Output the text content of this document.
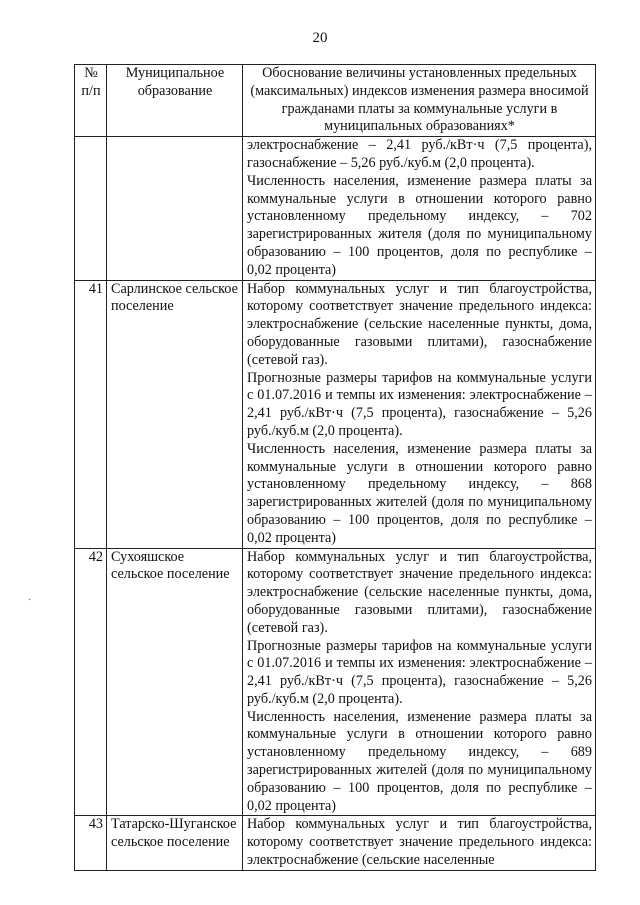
20
№ п/п	Муниципальное образование	Обоснование величины установленных предельных (максимальных) индексов изменения размера вносимой гражданами платы за коммунальные услуги в муниципальных образованиях*

		электроснабжение – 2,41 руб./кВт·ч (7,5 процента), газоснабжение – 5,26 руб./куб.м (2,0 процента).
Численность населения, изменение размера платы за коммунальные услуги в отношении которого равно установленному предельному индексу, – 702 зарегистрированных жителя (доля по муниципальному образованию – 100 процентов, доля по республике – 0,02 процента)

41	Сарлинское сельское поселение	Набор коммунальных услуг и тип благоустройства, которому соответствует значение предельного индекса: электроснабжение (сельские населенные пункты, дома, оборудованные газовыми плитами), газоснабжение (сетевой газ).
Прогнозные размеры тарифов на коммунальные услуги с 01.07.2016 и темпы их изменения: электроснабжение – 2,41 руб./кВт·ч (7,5 процента), газоснабжение – 5,26 руб./куб.м (2,0 процента).
Численность населения, изменение размера платы за коммунальные услуги в отношении которого равно установленному предельному индексу, – 868 зарегистрированных жителей (доля по муниципальному образованию – 100 процентов, доля по республике – 0,02 процента)

42	Сухояшское сельское поселение	Набор коммунальных услуг и тип благоустройства, которому соответствует значение предельного индекса: электроснабжение (сельские населенные пункты, дома, оборудованные газовыми плитами), газоснабжение (сетевой газ).
Прогнозные размеры тарифов на коммунальные услуги с 01.07.2016 и темпы их изменения: электроснабжение – 2,41 руб./кВт·ч (7,5 процента), газоснабжение – 5,26 руб./куб.м (2,0 процента).
Численность населения, изменение размера платы за коммунальные услуги в отношении которого равно установленному предельному индексу, – 689 зарегистрированных жителей (доля по муниципальному образованию – 100 процентов, доля по республике – 0,02 процента)

43	Татарско-Шуганское сельское поселение	Набор коммунальных услуг и тип благоустройства, которому соответствует значение предельного индекса: электроснабжение (сельские населенные
